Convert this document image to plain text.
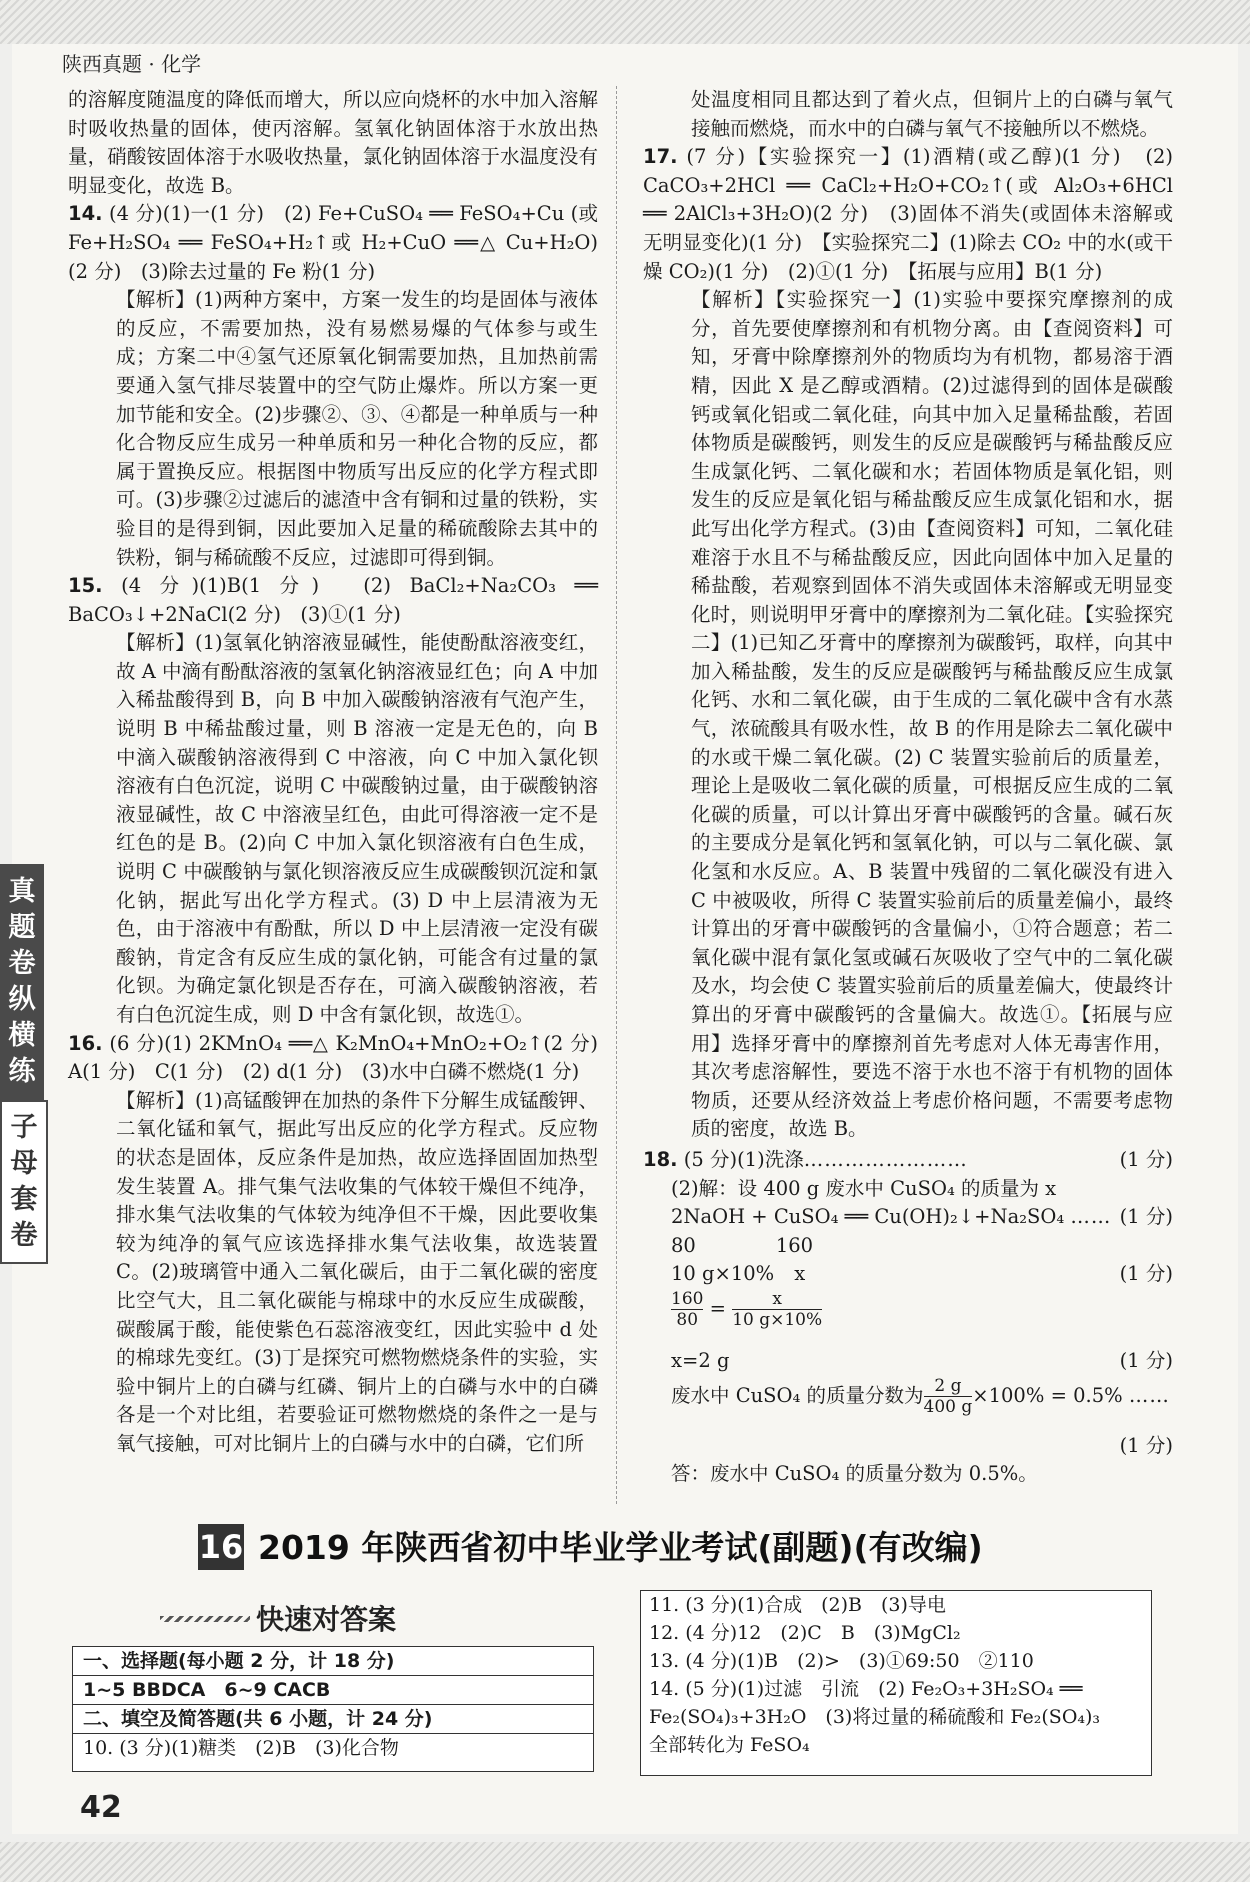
陕西真题 · 化学

的溶解度随温度的降低而增大，所以应向烧杯的水中加入溶解时吸收热量的固体，使丙溶解。氢氧化钠固体溶于水放出热量，硝酸铵固体溶于水吸收热量，氯化钠固体溶于水温度没有明显变化，故选 B。

14. (4 分)(1)一(1 分)　(2) Fe+CuSO₄ ══ FeSO₄+Cu (或 Fe+H₂SO₄ ══ FeSO₄+H₂↑或 H₂+CuO ══△ Cu+H₂O)(2 分)　(3)除去过量的 Fe 粉(1 分)

【解析】(1)两种方案中，方案一发生的均是固体与液体的反应，不需要加热，没有易燃易爆的气体参与或生成；方案二中④氢气还原氧化铜需要加热，且加热前需要通入氢气排尽装置中的空气防止爆炸。所以方案一更加节能和安全。(2)步骤②、③、④都是一种单质与一种化合物反应生成另一种单质和另一种化合物的反应，都属于置换反应。根据图中物质写出反应的化学方程式即可。(3)步骤②过滤后的滤渣中含有铜和过量的铁粉，实验目的是得到铜，因此要加入足量的稀硫酸除去其中的铁粉，铜与稀硫酸不反应，过滤即可得到铜。

15. (4 分)(1)B(1 分)　(2) BaCl₂+Na₂CO₃ ══ BaCO₃↓+2NaCl(2 分)　(3)①(1 分)

【解析】(1)氢氧化钠溶液显碱性，能使酚酞溶液变红，故 A 中滴有酚酞溶液的氢氧化钠溶液显红色；向 A 中加入稀盐酸得到 B，向 B 中加入碳酸钠溶液有气泡产生，说明 B 中稀盐酸过量，则 B 溶液一定是无色的，向 B 中滴入碳酸钠溶液得到 C 中溶液，向 C 中加入氯化钡溶液有白色沉淀，说明 C 中碳酸钠过量，由于碳酸钠溶液显碱性，故 C 中溶液呈红色，由此可得溶液一定不是红色的是 B。(2)向 C 中加入氯化钡溶液有白色生成，说明 C 中碳酸钠与氯化钡溶液反应生成碳酸钡沉淀和氯化钠，据此写出化学方程式。(3) D 中上层清液为无色，由于溶液中有酚酞，所以 D 中上层清液一定没有碳酸钠，肯定含有反应生成的氯化钠，可能含有过量的氯化钡。为确定氯化钡是否存在，可滴入碳酸钠溶液，若有白色沉淀生成，则 D 中含有氯化钡，故选①。

16. (6 分)(1) 2KMnO₄ ══△ K₂MnO₄+MnO₂+O₂↑(2 分)　A(1 分)　C(1 分)　(2) d(1 分)　(3)水中白磷不燃烧(1 分)

【解析】(1)高锰酸钾在加热的条件下分解生成锰酸钾、二氧化锰和氧气，据此写出反应的化学方程式。反应物的状态是固体，反应条件是加热，故应选择固固加热型发生装置 A。排气集气法收集的气体较干燥但不纯净，排水集气法收集的气体较为纯净但不干燥，因此要收集较为纯净的氧气应该选择排水集气法收集，故选装置 C。(2)玻璃管中通入二氧化碳后，由于二氧化碳的密度比空气大，且二氧化碳能与棉球中的水反应生成碳酸，碳酸属于酸，能使紫色石蕊溶液变红，因此实验中 d 处的棉球先变红。(3)丁是探究可燃物燃烧条件的实验，实验中铜片上的白磷与红磷、铜片上的白磷与水中的白磷各是一个对比组，若要验证可燃物燃烧的条件之一是与氧气接触，可对比铜片上的白磷与水中的白磷，它们所

处温度相同且都达到了着火点，但铜片上的白磷与氧气接触而燃烧，而水中的白磷与氧气不接触所以不燃烧。

17. (7 分)【实验探究一】(1)酒精(或乙醇)(1 分)　(2) CaCO₃+2HCl ══ CaCl₂+H₂O+CO₂↑(或 Al₂O₃+6HCl ══ 2AlCl₃+3H₂O)(2 分)　(3)固体不消失(或固体未溶解或无明显变化)(1 分)　【实验探究二】(1)除去 CO₂ 中的水(或干燥 CO₂)(1 分)　(2)①(1 分)　【拓展与应用】B(1 分)

【解析】【实验探究一】(1)实验中要探究摩擦剂的成分，首先要使摩擦剂和有机物分离。由【查阅资料】可知，牙膏中除摩擦剂外的物质均为有机物，都易溶于酒精，因此 X 是乙醇或酒精。(2)过滤得到的固体是碳酸钙或氧化铝或二氧化硅，向其中加入足量稀盐酸，若固体物质是碳酸钙，则发生的反应是碳酸钙与稀盐酸反应生成氯化钙、二氧化碳和水；若固体物质是氧化铝，则发生的反应是氧化铝与稀盐酸反应生成氯化铝和水，据此写出化学方程式。(3)由【查阅资料】可知，二氧化硅难溶于水且不与稀盐酸反应，因此向固体中加入足量的稀盐酸，若观察到固体不消失或固体未溶解或无明显变化时，则说明甲牙膏中的摩擦剂为二氧化硅。【实验探究二】(1)已知乙牙膏中的摩擦剂为碳酸钙，取样，向其中加入稀盐酸，发生的反应是碳酸钙与稀盐酸反应生成氯化钙、水和二氧化碳，由于生成的二氧化碳中含有水蒸气，浓硫酸具有吸水性，故 B 的作用是除去二氧化碳中的水或干燥二氧化碳。(2) C 装置实验前后的质量差，理论上是吸收二氧化碳的质量，可根据反应生成的二氧化碳的质量，可以计算出牙膏中碳酸钙的含量。碱石灰的主要成分是氧化钙和氢氧化钠，可以与二氧化碳、氯化氢和水反应。A、B 装置中残留的二氧化碳没有进入 C 中被吸收，所得 C 装置实验前后的质量差偏小，最终计算出的牙膏中碳酸钙的含量偏小，①符合题意；若二氧化碳中混有氯化氢或碱石灰吸收了空气中的二氧化碳及水，均会使 C 装置实验前后的质量差偏大，使最终计算出的牙膏中碳酸钙的含量偏大。故选①。【拓展与应用】选择牙膏中的摩擦剂首先考虑对人体无毒害作用，其次考虑溶解性，要选不溶于水也不溶于有机物的固体物质，还要从经济效益上考虑价格问题，不需要考虑物质的密度，故选 B。

18. (5 分)(1)洗涤……………………	(1 分)

(2)解：设 400 g 废水中 CuSO₄ 的质量为 x

2NaOH + CuSO₄ ══ Cu(OH)₂↓+Na₂SO₄ …… (1 分)

80	160

10 g×10% x	(1 分)

$\frac{160}{80} = \frac{x}{10 g\times 10\%}$

x=2 g	(1 分)

废水中 CuSO₄ 的质量分数为 $\frac{2 g}{400 g} \times 100\% = 0.5\%$ ……

(1 分)

答：废水中 CuSO₄ 的质量分数为 0.5%。

真题卷纵横练
子母套卷
16 2019 年陕西省初中毕业学业考试(副题)(有改编)
快速对答案
一、选择题(每小题 2 分，计 18 分)
1~5 BBDCA　6~9 CACB
二、填空及简答题(共 6 小题，计 24 分)
10. (3 分)(1)糖类　(2)B　(3)化合物
11. (3 分)(1)合成　(2)B　(3)导电
12. (4 分)12　(2)C　B　(3)MgCl₂
13. (4 分)(1)B　(2)>　(3)①69:50　②110
14. (5 分)(1)过滤　引流　(2) Fe₂O₃+3H₂SO₄ ══
Fe₂(SO₄)₃+3H₂O　(3)将过量的稀硫酸和 Fe₂(SO₄)₃
全部转化为 FeSO₄
42
